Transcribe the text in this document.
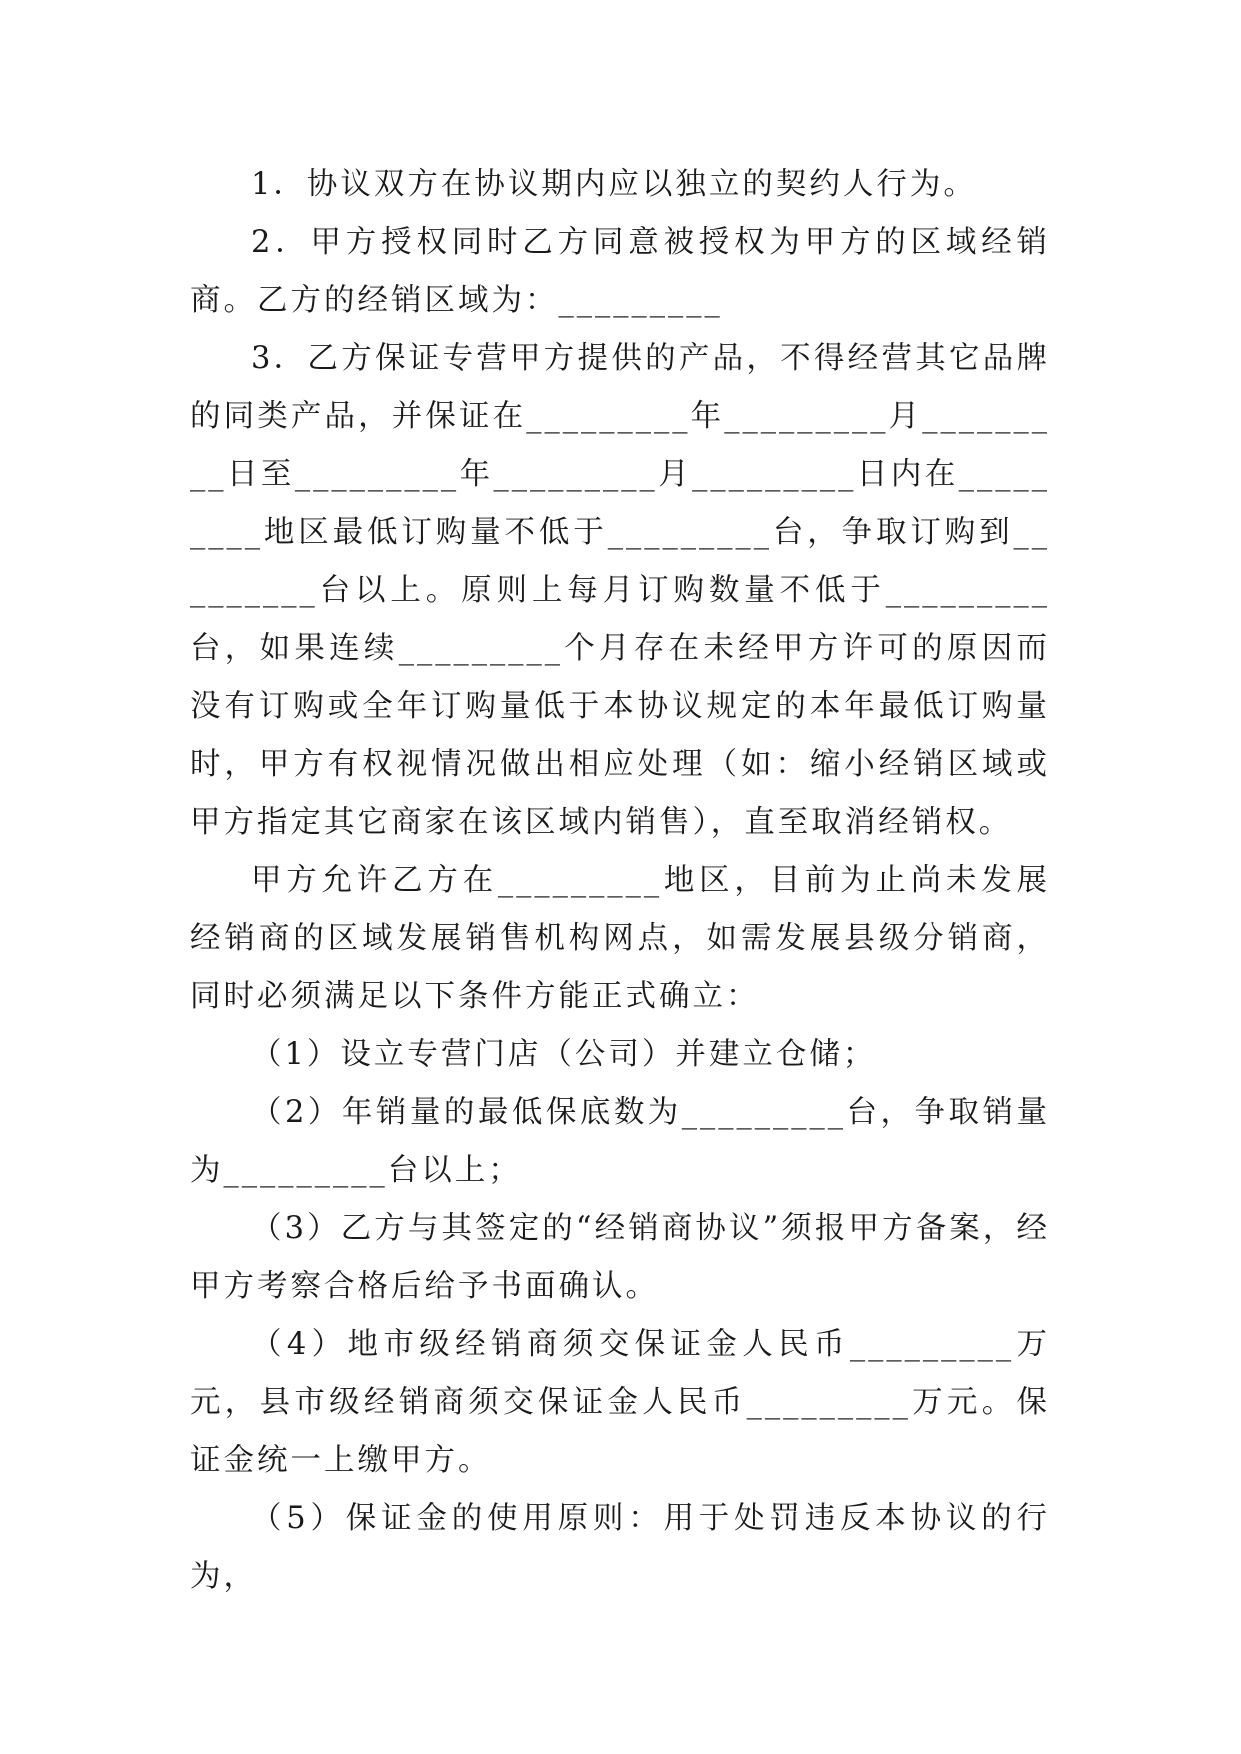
1．协议双方在协议期内应以独立的契约人行为。

2．甲方授权同时乙方同意被授权为甲方的区域经销商。乙方的经销区域为：_________

3．乙方保证专营甲方提供的产品，不得经营其它品牌的同类产品，并保证在_________年_________月_________日至_________年_________月_________日内在_________地区最低订购量不低于_________台，争取订购到_________台以上。原则上每月订购数量不低于_________台，如果连续_________个月存在未经甲方许可的原因而没有订购或全年订购量低于本协议规定的本年最低订购量时，甲方有权视情况做出相应处理（如：缩小经销区域或甲方指定其它商家在该区域内销售），直至取消经销权。

甲方允许乙方在_________地区，目前为止尚未发展经销商的区域发展销售机构网点，如需发展县级分销商，同时必须满足以下条件方能正式确立：

（1）设立专营门店（公司）并建立仓储；

（2）年销量的最低保底数为_________台，争取销量为_________台以上；

（3）乙方与其签定的“经销商协议”须报甲方备案，经甲方考察合格后给予书面确认。

（4）地市级经销商须交保证金人民币_________万元，县市级经销商须交保证金人民币_________万元。保证金统一上缴甲方。

（5）保证金的使用原则：用于处罚违反本协议的行为，
